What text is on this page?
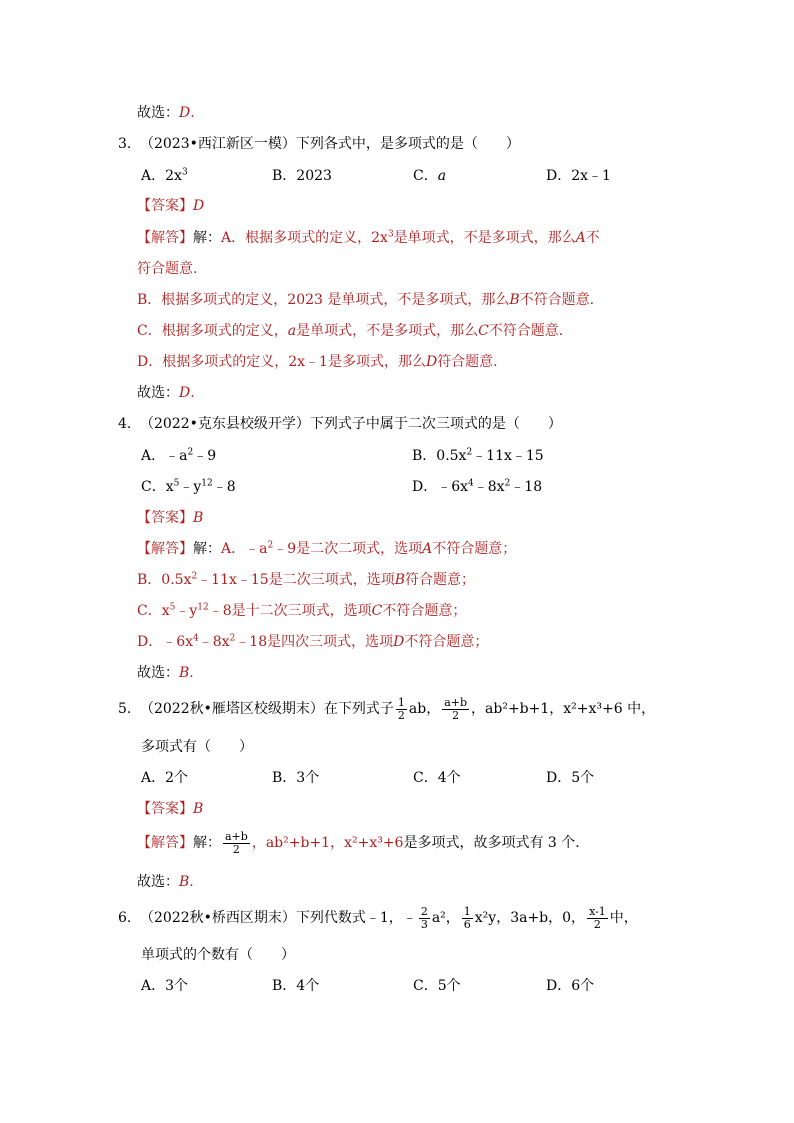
故选：D.
3. （2023•西江新区一模）下列各式中，是多项式的是（　　）
A．$2x^3$	B．2023	C．a	D．2x﹣1
【答案】D
【解答】解：A．根据多项式的定义，$2x^3$是单项式，不是多项式，那么A不
符合题意.
B．根据多项式的定义，2023 是单项式，不是多项式，那么B不符合题意.
C．根据多项式的定义，a是单项式，不是多项式，那么C不符合题意.
D．根据多项式的定义，2x﹣1是多项式，那么D符合题意.
故选：D.
4. （2022•克东县校级开学）下列式子中属于二次三项式的是（　　）
A．$﹣a^2﹣9$	B．$0.5x^2﹣11x﹣15$
C．$x^5﹣y^{12}﹣8$	D．$﹣6x^4﹣8x^2﹣18$
【答案】B
【解答】解：A．$﹣a^2﹣9$是二次二项式，选项A不符合题意；
B．$0.5x^2﹣11x﹣15$是二次三项式，选项B符合题意；
C．$x^5﹣y^{12}﹣8$是十二次三项式，选项C不符合题意；
D．$﹣6x^4﹣8x^2﹣18$是四次三项式，选项D不符合题意；
故选：B.
5. （2022秋•雁塔区校级期末）在下列式子 $\frac{1}{2}$ ab， $\frac{a+b}{2}$ ，ab²+b+1，x²+x³+6 中，
多项式有（　　）
A．2个	B．3个	C．4个	D．5个
【答案】B
【解答】解： $\frac{a+b}{2}$ ，ab²+b+1，x²+x³+6是多项式，故多项式有 3 个.
故选：B.
6. （2022秋•桥西区期末）下列代数式﹣1，﹣ $\frac{2}{3} a^2$， $\frac{1}{6} x^2y$，3a+b，0， $\frac{x-1}{2}$ 中，
单项式的个数有（　　）
A．3个	B．4个	C．5个	D．6个
